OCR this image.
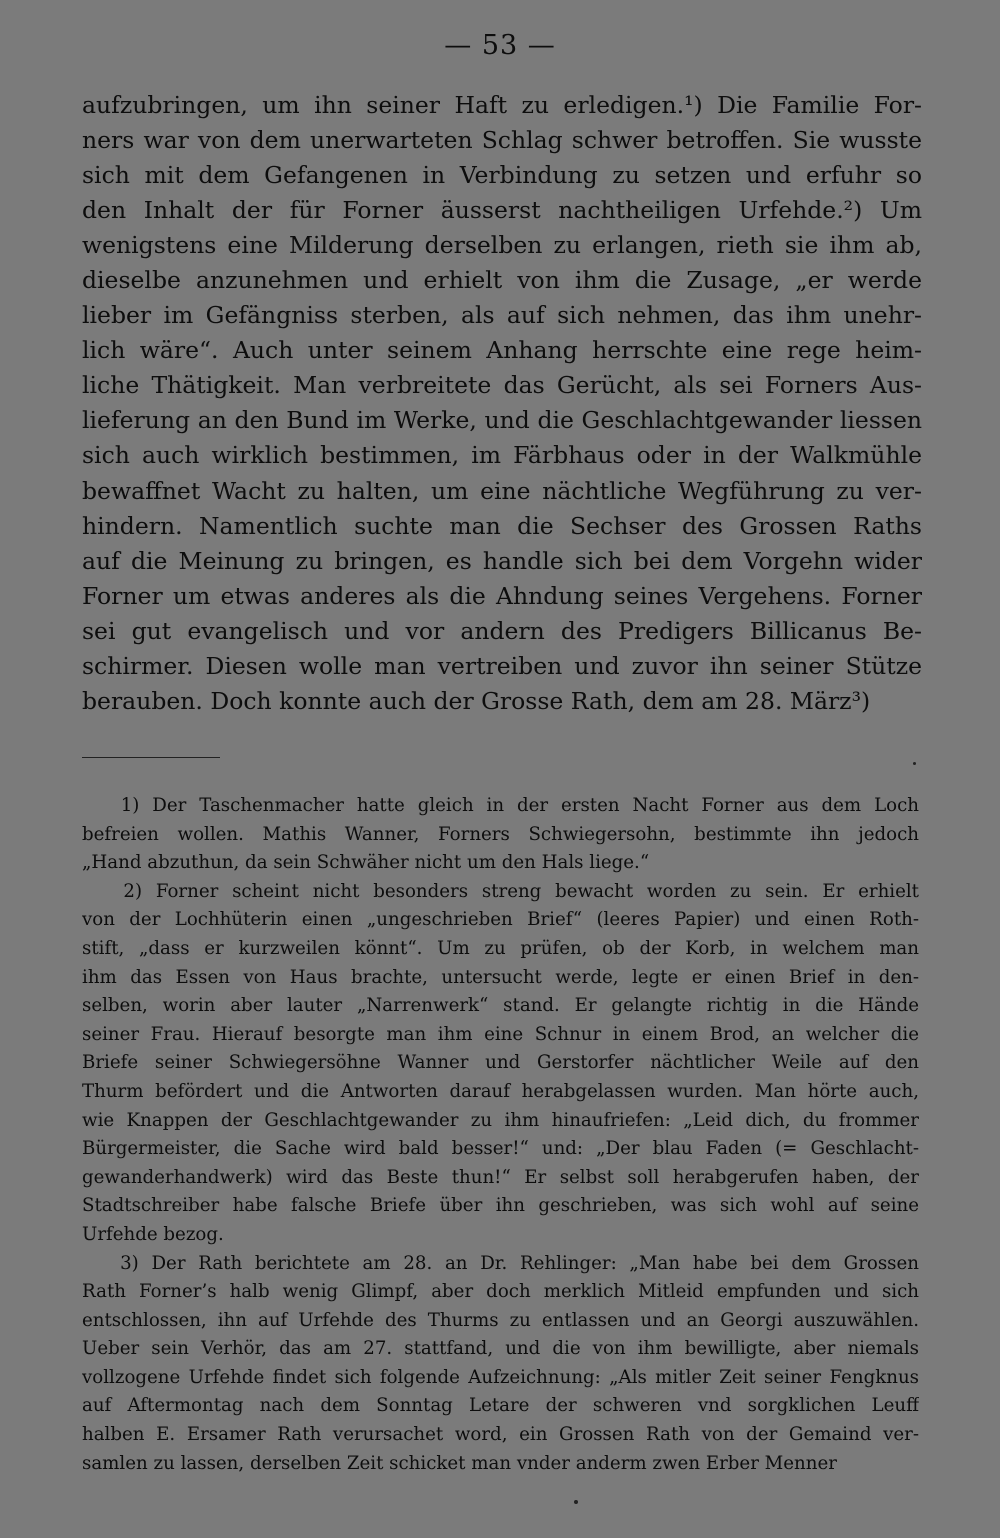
— 53 —
aufzubringen, um ihn seiner Haft zu erledigen.¹) Die Familie For-
ners war von dem unerwarteten Schlag schwer betroffen. Sie wusste
sich mit dem Gefangenen in Verbindung zu setzen und erfuhr so
den Inhalt der für Forner äusserst nachtheiligen Urfehde.²) Um
wenigstens eine Milderung derselben zu erlangen, rieth sie ihm ab,
dieselbe anzunehmen und erhielt von ihm die Zusage, „er werde
lieber im Gefängniss sterben, als auf sich nehmen, das ihm unehr-
lich wäre“. Auch unter seinem Anhang herrschte eine rege heim-
liche Thätigkeit. Man verbreitete das Gerücht, als sei Forners Aus-
lieferung an den Bund im Werke, und die Geschlachtgewander liessen
sich auch wirklich bestimmen, im Färbhaus oder in der Walkmühle
bewaffnet Wacht zu halten, um eine nächtliche Wegführung zu ver-
hindern. Namentlich suchte man die Sechser des Grossen Raths
auf die Meinung zu bringen, es handle sich bei dem Vorgehn wider
Forner um etwas anderes als die Ahndung seines Vergehens. Forner
sei gut evangelisch und vor andern des Predigers Billicanus Be-
schirmer. Diesen wolle man vertreiben und zuvor ihn seiner Stütze
berauben. Doch konnte auch der Grosse Rath, dem am 28. März³)
1) Der Taschenmacher hatte gleich in der ersten Nacht Forner aus dem Loch
befreien wollen. Mathis Wanner, Forners Schwiegersohn, bestimmte ihn jedoch
„Hand abzuthun, da sein Schwäher nicht um den Hals liege.“
2) Forner scheint nicht besonders streng bewacht worden zu sein. Er erhielt
von der Lochhüterin einen „ungeschrieben Brief“ (leeres Papier) und einen Roth-
stift, „dass er kurzweilen könnt“. Um zu prüfen, ob der Korb, in welchem man
ihm das Essen von Haus brachte, untersucht werde, legte er einen Brief in den-
selben, worin aber lauter „Narrenwerk“ stand. Er gelangte richtig in die Hände
seiner Frau. Hierauf besorgte man ihm eine Schnur in einem Brod, an welcher die
Briefe seiner Schwiegersöhne Wanner und Gerstorfer nächtlicher Weile auf den
Thurm befördert und die Antworten darauf herabgelassen wurden. Man hörte auch,
wie Knappen der Geschlachtgewander zu ihm hinaufriefen: „Leid dich, du frommer
Bürgermeister, die Sache wird bald besser!“ und: „Der blau Faden (= Geschlacht-
gewanderhandwerk) wird das Beste thun!“ Er selbst soll herabgerufen haben, der
Stadtschreiber habe falsche Briefe über ihn geschrieben, was sich wohl auf seine
Urfehde bezog.
3) Der Rath berichtete am 28. an Dr. Rehlinger: „Man habe bei dem Grossen
Rath Forner’s halb wenig Glimpf, aber doch merklich Mitleid empfunden und sich
entschlossen, ihn auf Urfehde des Thurms zu entlassen und an Georgi auszuwählen.
Ueber sein Verhör, das am 27. stattfand, und die von ihm bewilligte, aber niemals
vollzogene Urfehde findet sich folgende Aufzeichnung: „Als mitler Zeit seiner Fengknus
auf Aftermontag nach dem Sonntag Letare der schweren vnd sorgklichen Leuff
halben E. Ersamer Rath verursachet word, ein Grossen Rath von der Gemaind ver-
samlen zu lassen, derselben Zeit schicket man vnder anderm zwen Erber Menner
